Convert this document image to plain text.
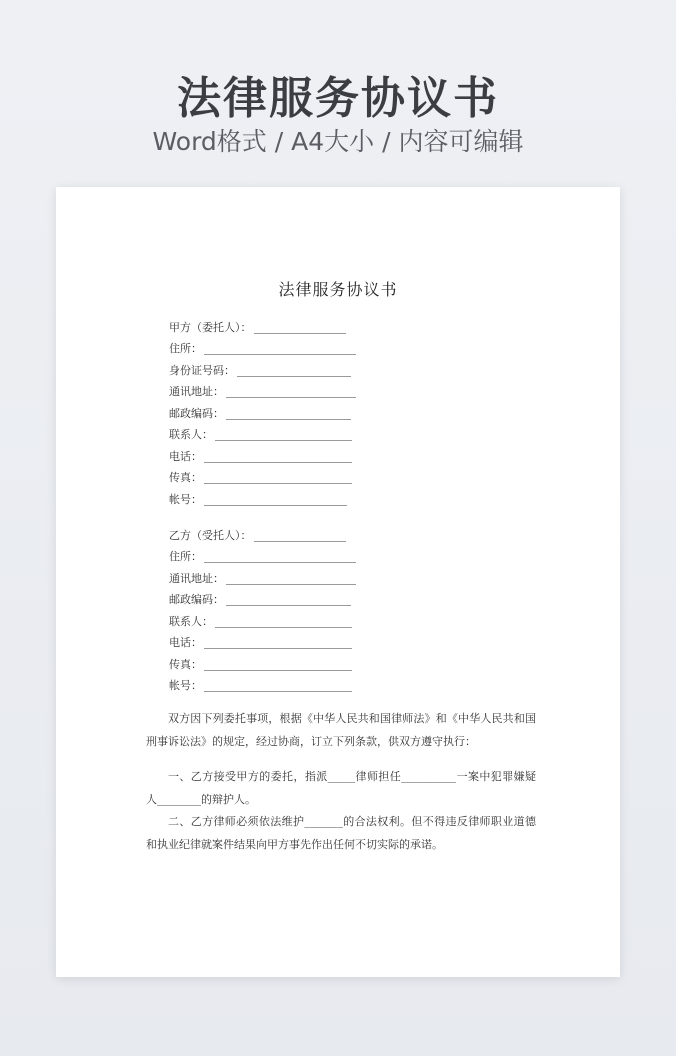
法律服务协议书
Word格式 / A4大小 / 内容可编辑
法律服务协议书
甲方（委托人）：
住所：
身份证号码：
通讯地址：
邮政编码：
联系人：
电话：
传真：
帐号：
乙方（受托人）：
住所：
通讯地址：
邮政编码：
联系人：
电话：
传真：
帐号：

双方因下列委托事项，根据《中华人民共和国律师法》和《中华人民共和国刑事诉讼法》的规定，经过协商，订立下列条款，供双方遵守执行：

一、乙方接受甲方的委托，指派_____律师担任__________一案中犯罪嫌疑人________的辩护人。

二、乙方律师必须依法维护_______的合法权利。但不得违反律师职业道德和执业纪律就案件结果向甲方事先作出任何不切实际的承诺。
